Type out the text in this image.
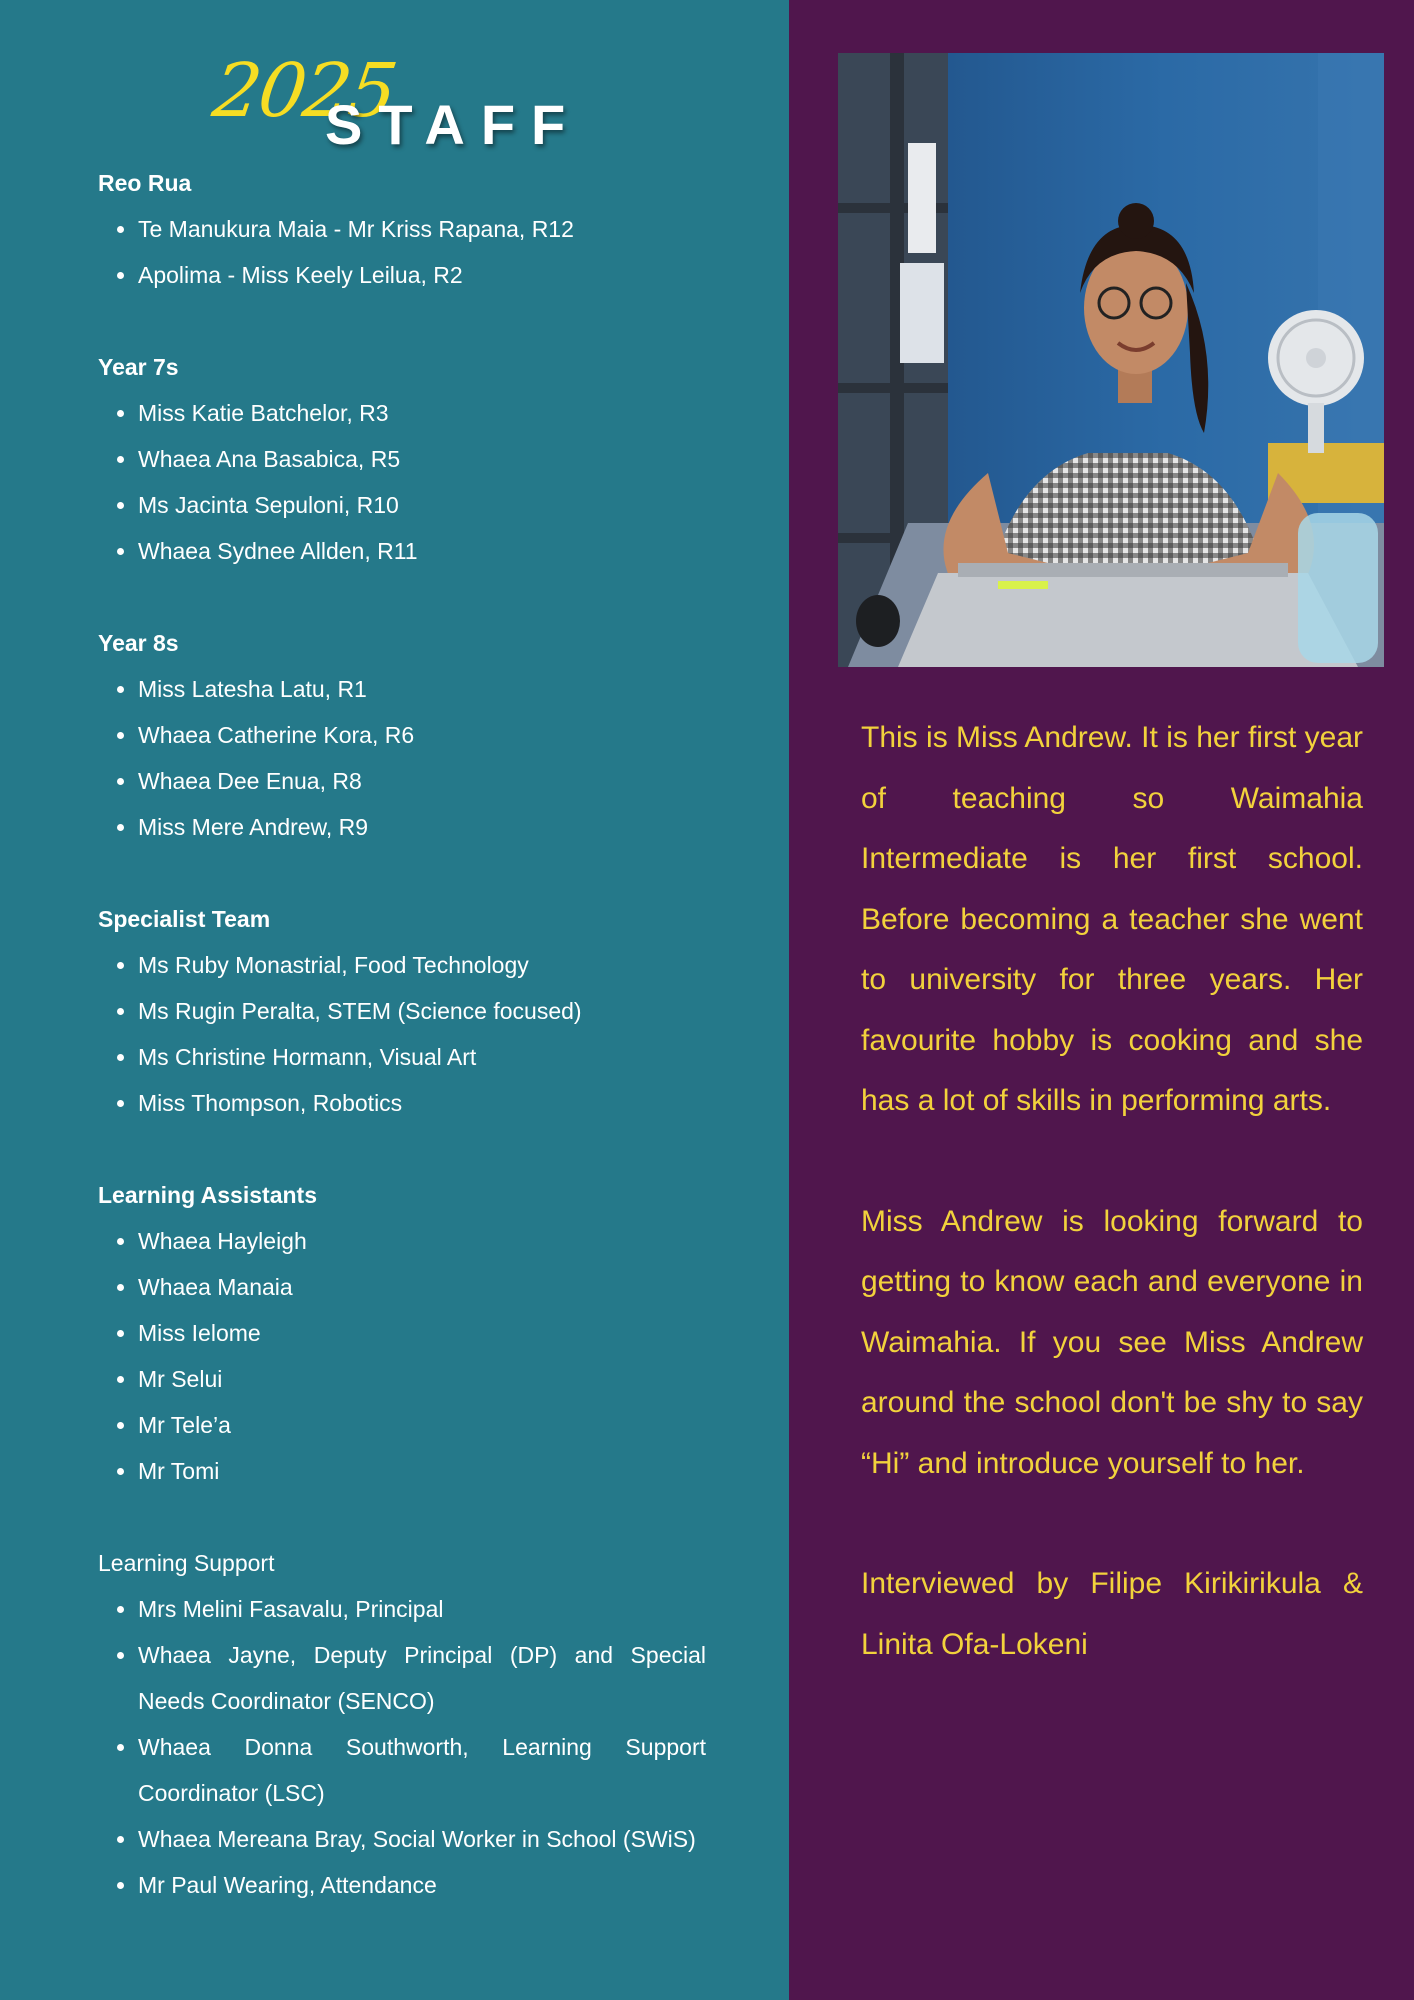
2025
STAFF
Reo Rua
• Te Manukura Maia - Mr Kriss Rapana, R12
• Apolima - Miss Keely Leilua, R2
Year 7s
• Miss Katie Batchelor, R3
• Whaea Ana Basabica, R5
• Ms Jacinta Sepuloni, R10
• Whaea Sydnee Allden, R11
Year 8s
• Miss Latesha Latu, R1
• Whaea Catherine Kora, R6
• Whaea Dee Enua, R8
• Miss Mere Andrew, R9
Specialist Team
• Ms Ruby Monastrial, Food Technology
• Ms Rugin Peralta, STEM (Science focused)
• Ms Christine Hormann, Visual Art
• Miss Thompson, Robotics
Learning Assistants
• Whaea Hayleigh
• Whaea Manaia
• Miss Ielome
• Mr Selui
• Mr Tele’a
• Mr Tomi
Learning Support
• Mrs Melini Fasavalu, Principal
• Whaea Jayne, Deputy Principal (DP) and Special Needs Coordinator (SENCO)
• Whaea Donna Southworth, Learning Support Coordinator (LSC)
• Whaea Mereana Bray, Social Worker in School (SWiS)
• Mr Paul Wearing, Attendance

This is Miss Andrew. It is her first year of teaching so Waimahia Intermediate is her first school. Before becoming a teacher she went to university for three years. Her favourite hobby is cooking and she has a lot of skills in performing arts.

Miss Andrew is looking forward to getting to know each and everyone in Waimahia. If you see Miss Andrew around the school don't be shy to say “Hi” and introduce yourself to her.

Interviewed by Filipe Kirikirikula & Linita Ofa-Lokeni
